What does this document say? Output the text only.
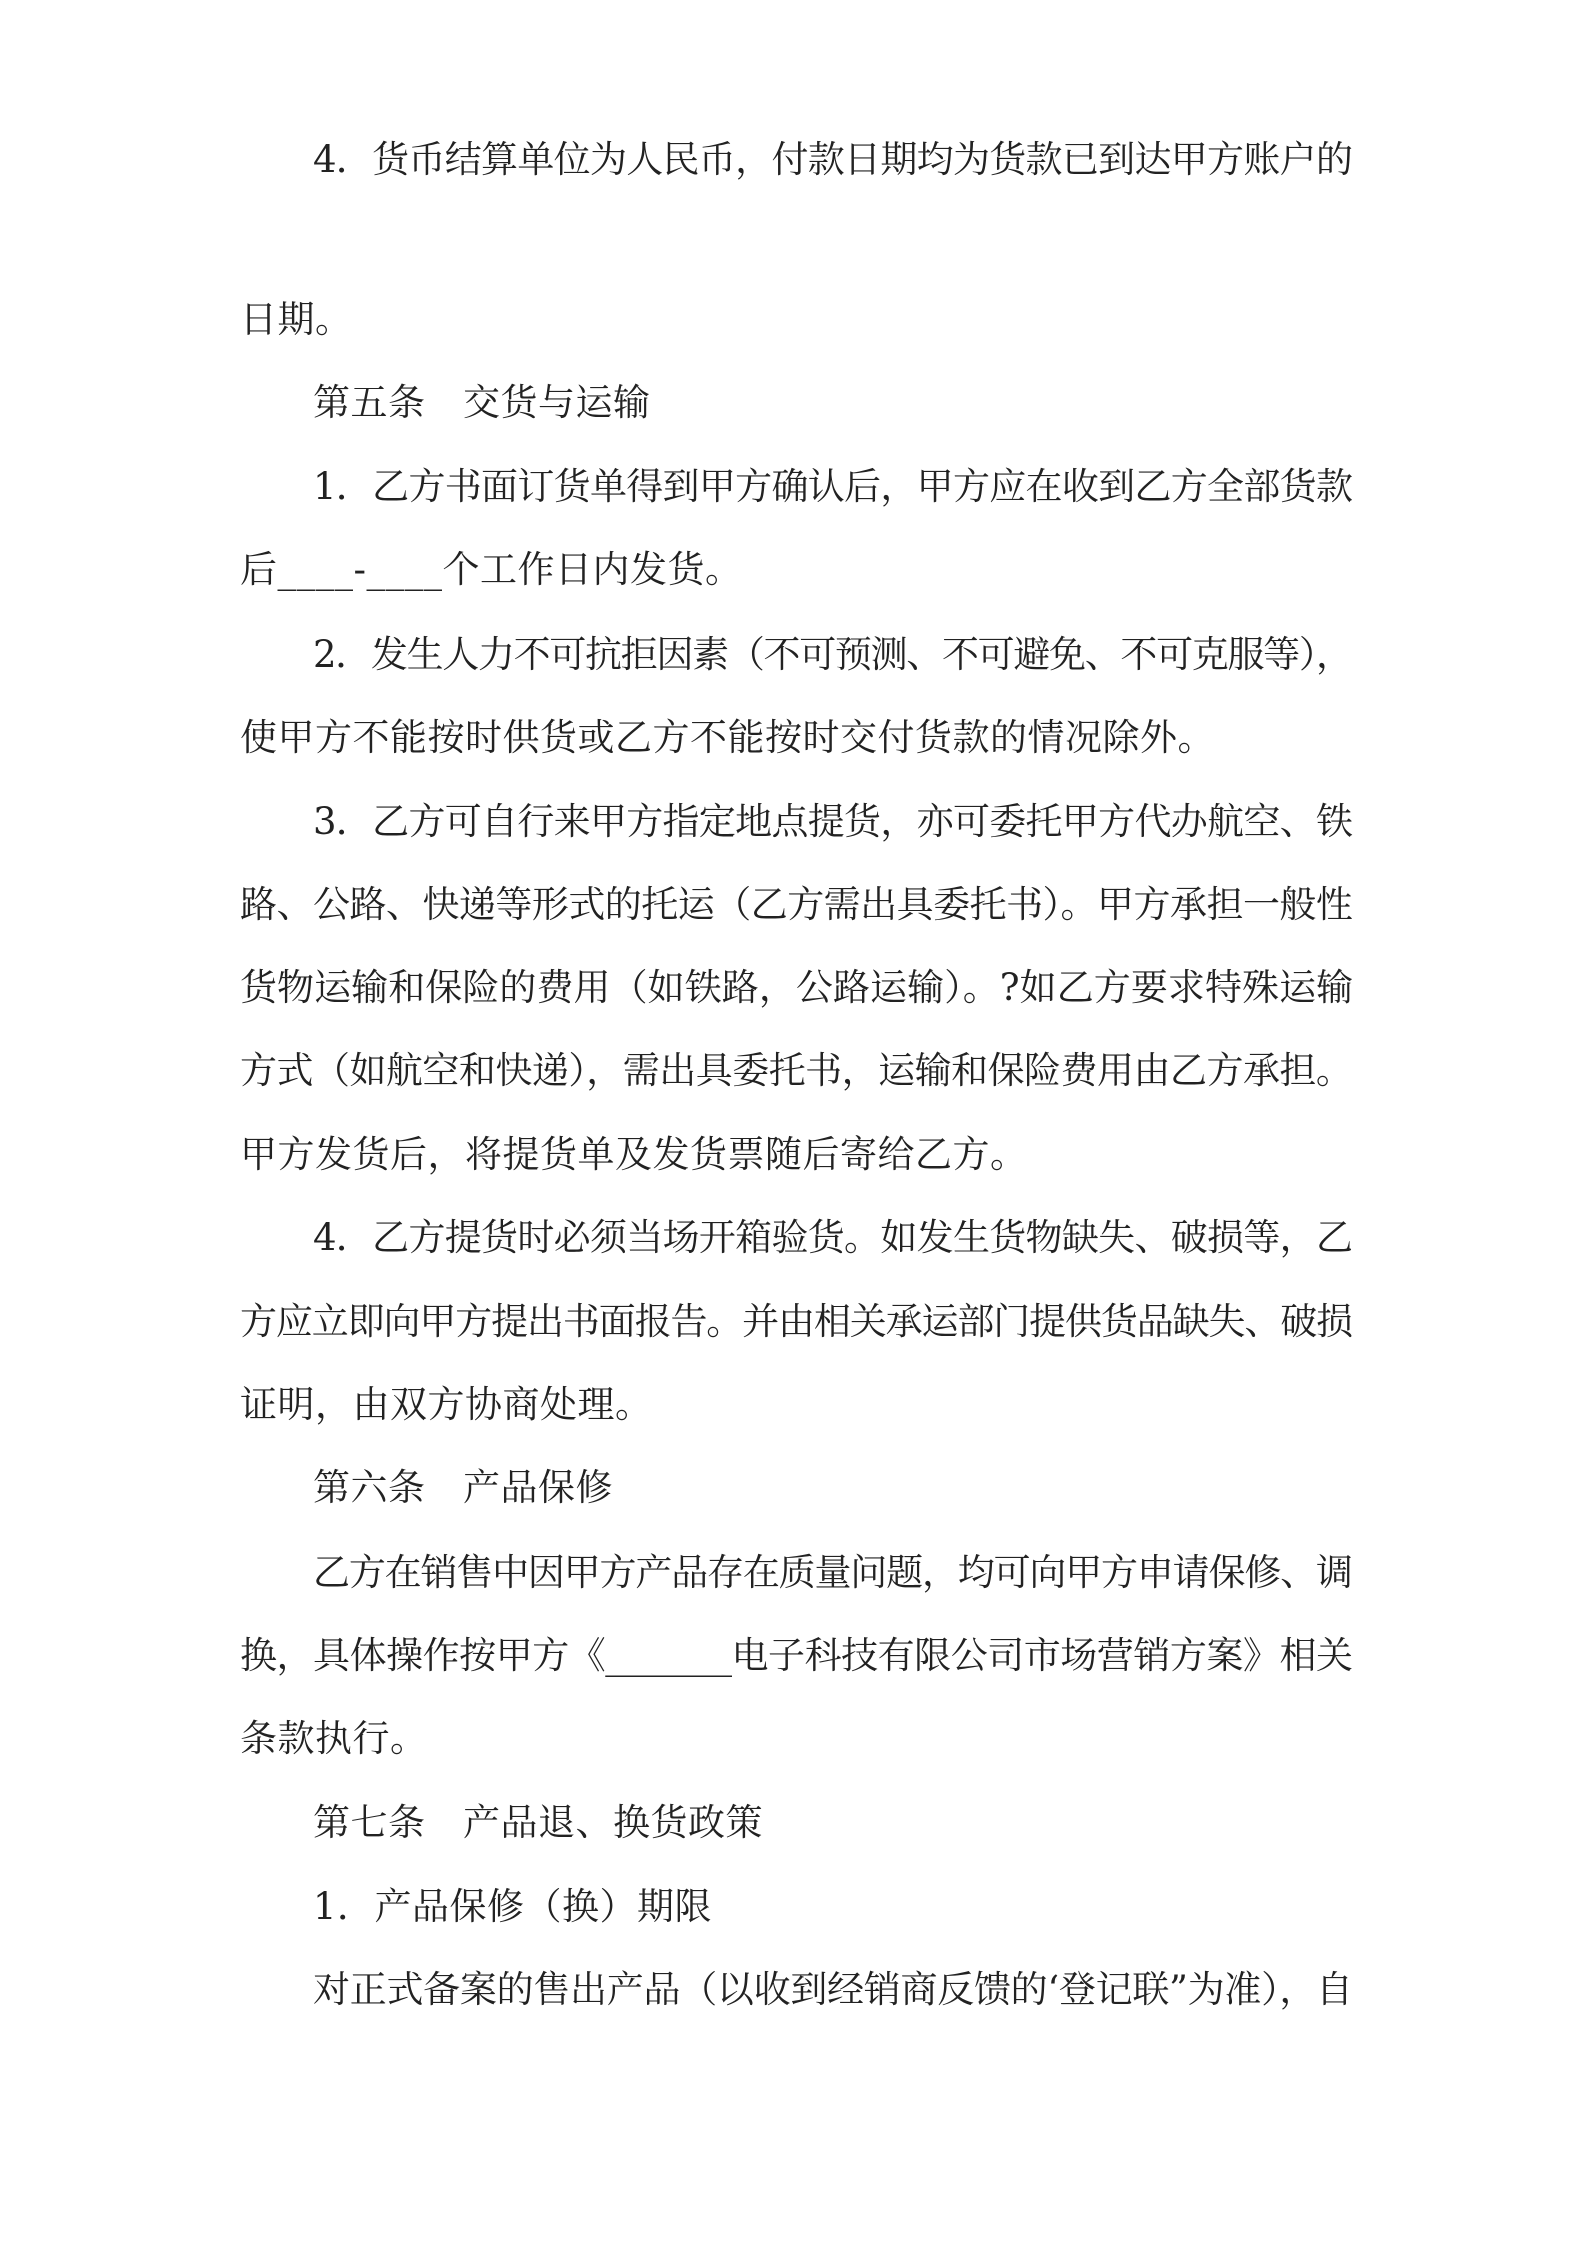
4．货币结算单位为人民币，付款日期均为货款已到达甲方账户的
日期。
第五条　交货与运输
1．乙方书面订货单得到甲方确认后，甲方应在收到乙方全部货款
后____-____个工作日内发货。
2．发生人力不可抗拒因素（不可预测、不可避免、不可克服等），
使甲方不能按时供货或乙方不能按时交付货款的情况除外。
3．乙方可自行来甲方指定地点提货，亦可委托甲方代办航空、铁
路、公路、快递等形式的托运（乙方需出具委托书）。甲方承担一般性
货物运输和保险的费用（如铁路，公路运输）。?如乙方要求特殊运输
方式（如航空和快递），需出具委托书，运输和保险费用由乙方承担。
甲方发货后，将提货单及发货票随后寄给乙方。
4．乙方提货时必须当场开箱验货。如发生货物缺失、破损等，乙
方应立即向甲方提出书面报告。并由相关承运部门提供货品缺失、破损
证明，由双方协商处理。
第六条　产品保修
乙方在销售中因甲方产品存在质量问题，均可向甲方申请保修、调
换，具体操作按甲方《_______电子科技有限公司市场营销方案》相关
条款执行。
第七条　产品退、换货政策
1．产品保修（换）期限
对正式备案的售出产品（以收到经销商反馈的‘登记联”为准），自
